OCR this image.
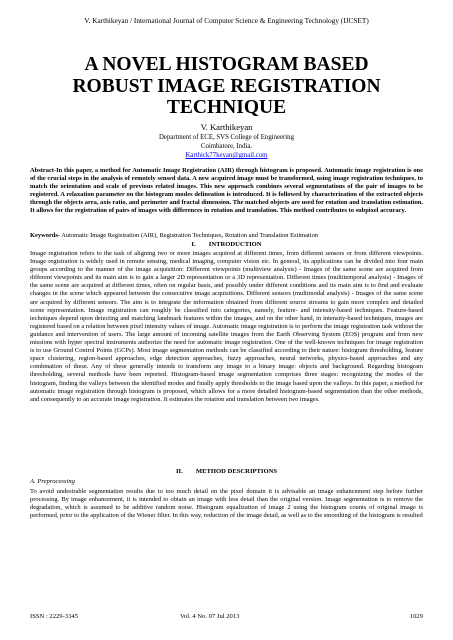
V. Karthikeyan / International Journal of Computer Science & Engineering Technology (IJCSET)
A NOVEL HISTOGRAM BASED
ROBUST IMAGE REGISTRATION
TECHNIQUE
V. Karthikeyan
Department of ECE, SVS College of Engineering
Coimbatore, India.
Karthick77keyan@gmail.com
Abstract-In this paper, a method for Automatic Image Registration (AIR) through histogram is proposed. Automatic image registration is one of the crucial steps in the analysis of remotely sensed data. A new acquired image must be transformed, using image registration techniques, to match the orientation and scale of previous related images. This new approach combines several segmentations of the pair of images to be registered. A relaxation parameter on the histogram modes delineation is introduced. It is followed by characterization of the extracted objects through the objects area, axis ratio, and perimeter and fractal dimension. The matched objects are used for rotation and translation estimation. It allows for the registration of pairs of images with differences in rotation and translation. This method contributes to subpixel accuracy.
Keywords- Automatic Image Registration (AIR), Registration Techniques, Rotation and Translation Estimation
I.        INTRODUCTION
Image registration refers to the task of aligning two or more images acquired at different times, from different sensors or from different viewpoints. Image registration is widely used in remote sensing, medical imaging, computer vision etc. In general, its applications can be divided into four main groups according to the manner of the image acquisition: Different viewpoints (multiview analysis) - Images of the same scene are acquired from different viewpoints and its main aim is to gain a larger 2D representation or a 3D representation. Different times (multitemporal analysis) - Images of the same scene are acquired at different times, often on regular basis, and possibly under different conditions and its main aim is to find and evaluate changes in the scene which appeared between the consecutive image acquisitions. Different sensors (multimodal analysis) - Images of the same scene are acquired by different sensors. The aim is to integrate the information obtained from different source streams to gain more complex and detailed scene representation. Image registration can roughly be classified into categories, namely, feature- and intensity-based techniques. Feature-based techniques depend upon detecting and matching landmark features within the images, and on the other hand, in intensity-based techniques, images are registered based on a relation between pixel intensity values of image. Automatic image registration is to perform the image registration task without the guidance and intervention of users. The large amount of incoming satellite images from the Earth Observing System (EOS) program and from new missions with hyper spectral instruments authorize the need for automatic image registration. One of the well-known techniques for image registration is to use Ground Control Points (GCPs). Most image segmentation methods can be classified according to their nature: histogram thresholding, feature space clustering, region-based approaches, edge detection approaches, fuzzy approaches, neural networks, physics-based approaches and any combination of these. Any of these generally intends to transform any image to a binary image: objects and background. Regarding histogram thresholding, several methods have been reported. Histogram-based image segmentation comprises three stages: recognizing the modes of the histogram, finding the valleys between the identified modes and finally apply thresholds to the image based upon the valleys. In this paper, a method for automatic image registration through histogram is proposed, which allows for a more detailed histogram-based segmentation than the other methods, and consequently to an accurate image registration. It estimates the rotation and translation between two images.
II.        METHOD DESCRIPTIONS
A. Preprocessing
To avoid undesirable segmentation results due to too much detail on the pixel domain it is advisable an image enhancement step before further processing. By image enhancement, it is intended to obtain an image with less detail than the original version. Image segmentation is to remove the degradation, which is assumed to be additive random noise. Histogram equalization of image 2 using the histogram counts of original image is performed, prior to the application of the Wiener filter. In this way, reduction of the image detail, as well as to the smoothing of the histogram is resulted
ISSN : 2229-3345	Vol. 4 No. 07 Jul 2013	1029
